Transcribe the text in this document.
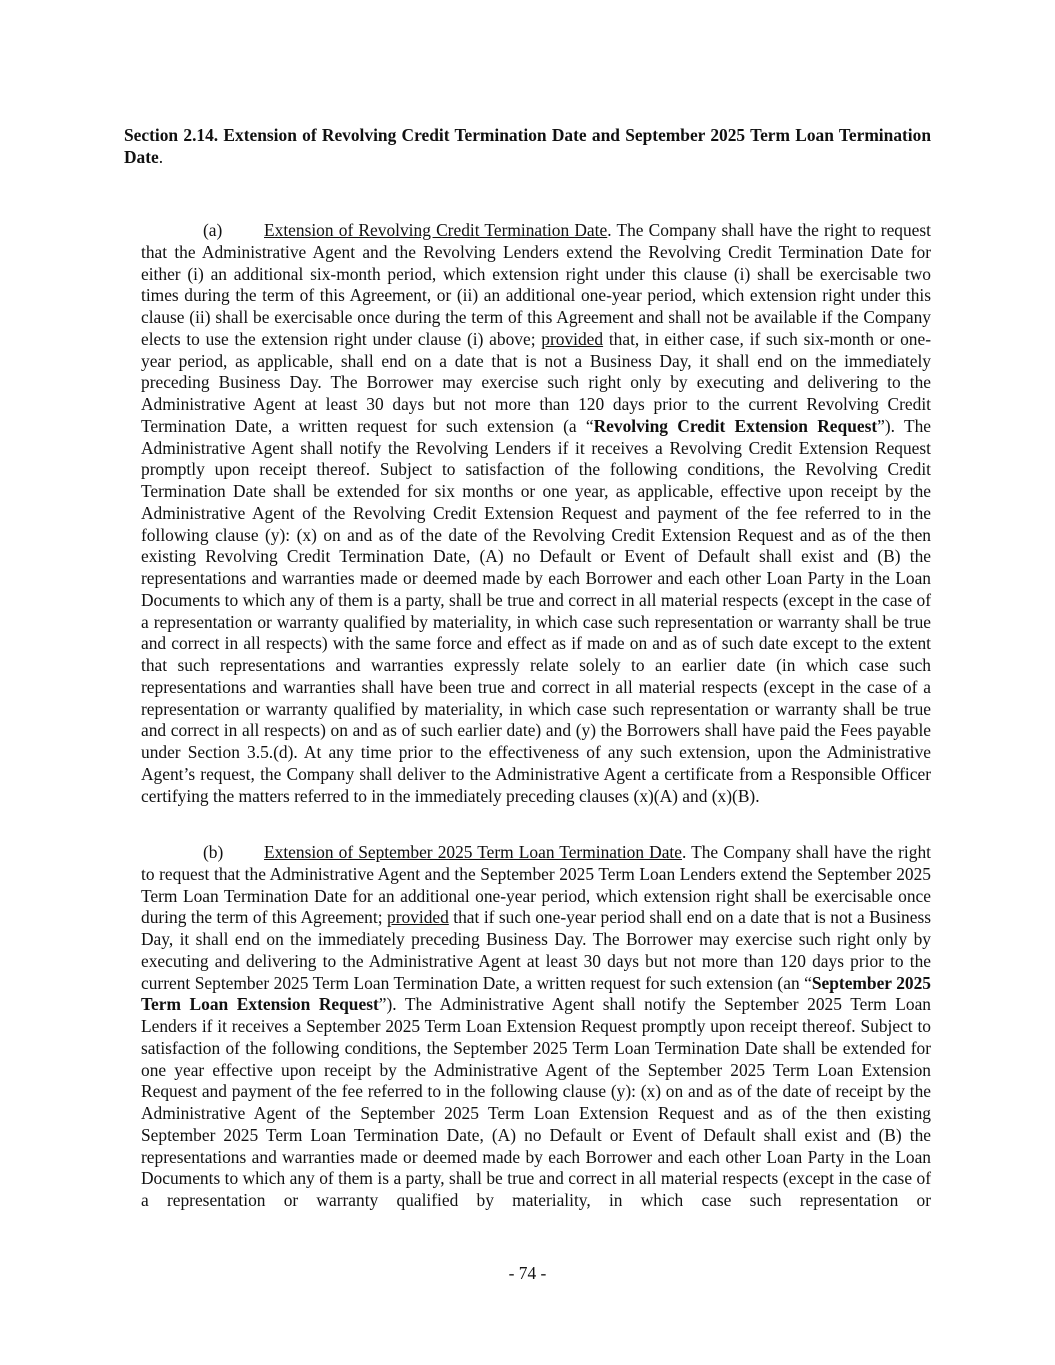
Section 2.14. Extension of Revolving Credit Termination Date and September 2025 Term Loan Termination Date.
(a) Extension of Revolving Credit Termination Date. The Company shall have the right to request that the Administrative Agent and the Revolving Lenders extend the Revolving Credit Termination Date for either (i) an additional six-month period, which extension right under this clause (i) shall be exercisable two times during the term of this Agreement, or (ii) an additional one-year period, which extension right under this clause (ii) shall be exercisable once during the term of this Agreement and shall not be available if the Company elects to use the extension right under clause (i) above; provided that, in either case, if such six-month or one-year period, as applicable, shall end on a date that is not a Business Day, it shall end on the immediately preceding Business Day. The Borrower may exercise such right only by executing and delivering to the Administrative Agent at least 30 days but not more than 120 days prior to the current Revolving Credit Termination Date, a written request for such extension (a “Revolving Credit Extension Request”). The Administrative Agent shall notify the Revolving Lenders if it receives a Revolving Credit Extension Request promptly upon receipt thereof. Subject to satisfaction of the following conditions, the Revolving Credit Termination Date shall be extended for six months or one year, as applicable, effective upon receipt by the Administrative Agent of the Revolving Credit Extension Request and payment of the fee referred to in the following clause (y): (x) on and as of the date of the Revolving Credit Extension Request and as of the then existing Revolving Credit Termination Date, (A) no Default or Event of Default shall exist and (B) the representations and warranties made or deemed made by each Borrower and each other Loan Party in the Loan Documents to which any of them is a party, shall be true and correct in all material respects (except in the case of a representation or warranty qualified by materiality, in which case such representation or warranty shall be true and correct in all respects) with the same force and effect as if made on and as of such date except to the extent that such representations and warranties expressly relate solely to an earlier date (in which case such representations and warranties shall have been true and correct in all material respects (except in the case of a representation or warranty qualified by materiality, in which case such representation or warranty shall be true and correct in all respects) on and as of such earlier date) and (y) the Borrowers shall have paid the Fees payable under Section 3.5.(d). At any time prior to the effectiveness of any such extension, upon the Administrative Agent’s request, the Company shall deliver to the Administrative Agent a certificate from a Responsible Officer certifying the matters referred to in the immediately preceding clauses (x)(A) and (x)(B).
(b) Extension of September 2025 Term Loan Termination Date. The Company shall have the right to request that the Administrative Agent and the September 2025 Term Loan Lenders extend the September 2025 Term Loan Termination Date for an additional one-year period, which extension right shall be exercisable once during the term of this Agreement; provided that if such one-year period shall end on a date that is not a Business Day, it shall end on the immediately preceding Business Day. The Borrower may exercise such right only by executing and delivering to the Administrative Agent at least 30 days but not more than 120 days prior to the current September 2025 Term Loan Termination Date, a written request for such extension (an “September 2025 Term Loan Extension Request”). The Administrative Agent shall notify the September 2025 Term Loan Lenders if it receives a September 2025 Term Loan Extension Request promptly upon receipt thereof. Subject to satisfaction of the following conditions, the September 2025 Term Loan Termination Date shall be extended for one year effective upon receipt by the Administrative Agent of the September 2025 Term Loan Extension Request and payment of the fee referred to in the following clause (y): (x) on and as of the date of receipt by the Administrative Agent of the September 2025 Term Loan Extension Request and as of the then existing September 2025 Term Loan Termination Date, (A) no Default or Event of Default shall exist and (B) the representations and warranties made or deemed made by each Borrower and each other Loan Party in the Loan Documents to which any of them is a party, shall be true and correct in all material respects (except in the case of a representation or warranty qualified by materiality, in which case such representation or
- 74 -
